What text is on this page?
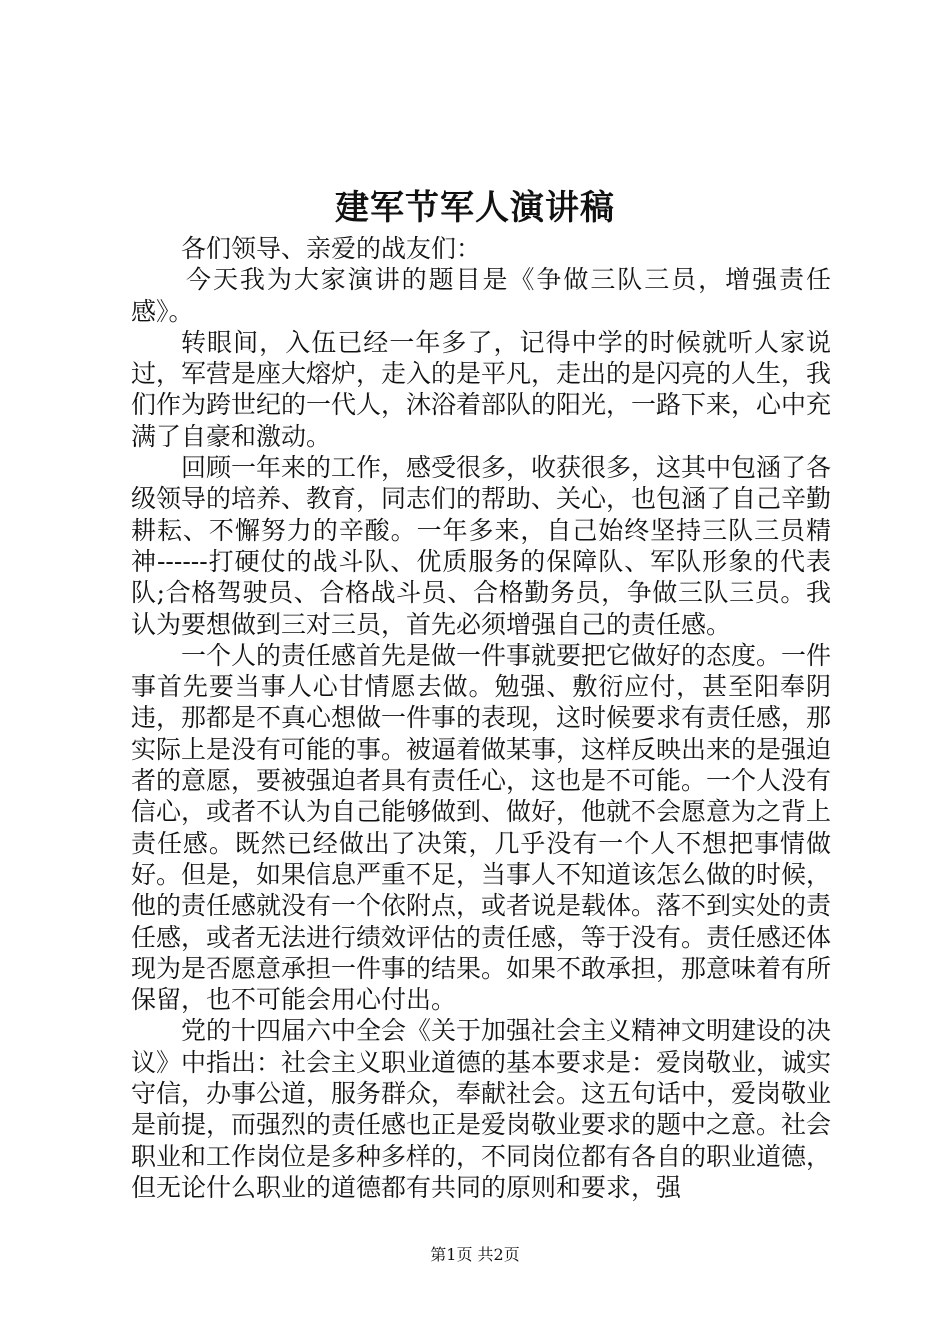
建军节军人演讲稿

各们领导、亲爱的战友们：

今天我为大家演讲的题目是《争做三队三员，增强责任感》。

转眼间，入伍已经一年多了，记得中学的时候就听人家说过，军营是座大熔炉，走入的是平凡，走出的是闪亮的人生，我们作为跨世纪的一代人，沐浴着部队的阳光，一路下来，心中充满了自豪和激动。

回顾一年来的工作，感受很多，收获很多，这其中包涵了各级领导的培养、教育，同志们的帮助、关心，也包涵了自己辛勤耕耘、不懈努力的辛酸。一年多来，自己始终坚持三队三员精神------打硬仗的战斗队、优质服务的保障队、军队形象的代表队;合格驾驶员、合格战斗员、合格勤务员，争做三队三员。我认为要想做到三对三员，首先必须增强自己的责任感。

一个人的责任感首先是做一件事就要把它做好的态度。一件事首先要当事人心甘情愿去做。勉强、敷衍应付，甚至阳奉阴违，那都是不真心想做一件事的表现，这时候要求有责任感，那实际上是没有可能的事。被逼着做某事，这样反映出来的是强迫者的意愿，要被强迫者具有责任心，这也是不可能。一个人没有信心，或者不认为自己能够做到、做好，他就不会愿意为之背上责任感。既然已经做出了决策，几乎没有一个人不想把事情做好。但是，如果信息严重不足，当事人不知道该怎么做的时候，他的责任感就没有一个依附点，或者说是载体。落不到实处的责任感，或者无法进行绩效评估的责任感，等于没有。责任感还体现为是否愿意承担一件事的结果。如果不敢承担，那意味着有所保留，也不可能会用心付出。

党的十四届六中全会《关于加强社会主义精神文明建设的决议》中指出：社会主义职业道德的基本要求是：爱岗敬业，诚实守信，办事公道，服务群众，奉献社会。这五句话中，爱岗敬业是前提，而强烈的责任感也正是爱岗敬业要求的题中之意。社会职业和工作岗位是多种多样的，不同岗位都有各自的职业道德，但无论什么职业的道德都有共同的原则和要求，强

第1页 共2页
